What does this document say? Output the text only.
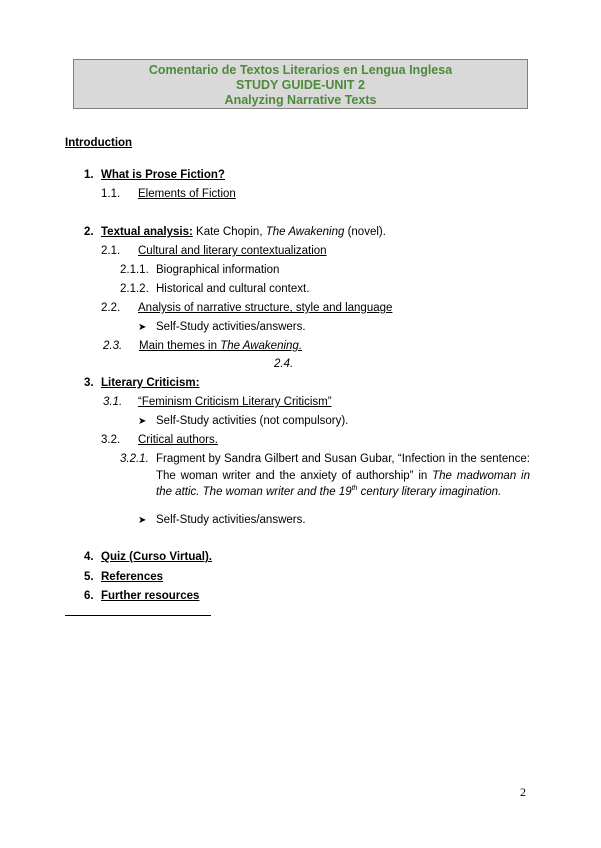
Comentario de Textos Literarios en Lengua Inglesa
STUDY GUIDE-UNIT 2
Analyzing Narrative Texts
Introduction
1. What is Prose Fiction?
1.1. Elements of Fiction
2. Textual analysis: Kate Chopin, The Awakening (novel).
2.1. Cultural and literary contextualization
2.1.1. Biographical information
2.1.2. Historical and cultural context.
2.2. Analysis of narrative structure, style and language
➤ Self-Study activities/answers.
2.3. Main themes in The Awakening.
2.4.
3. Literary Criticism:
3.1. “Feminism Criticism Literary Criticism”
➤ Self-Study activities (not compulsory).
3.2. Critical authors.
3.2.1. Fragment by Sandra Gilbert and Susan Gubar, “Infection in the sentence: The woman writer and the anxiety of authorship” in The madwoman in the attic. The woman writer and the 19th century literary imagination.
➤ Self-Study activities/answers.
4. Quiz (Curso Virtual).
5. References
6. Further resources
2
